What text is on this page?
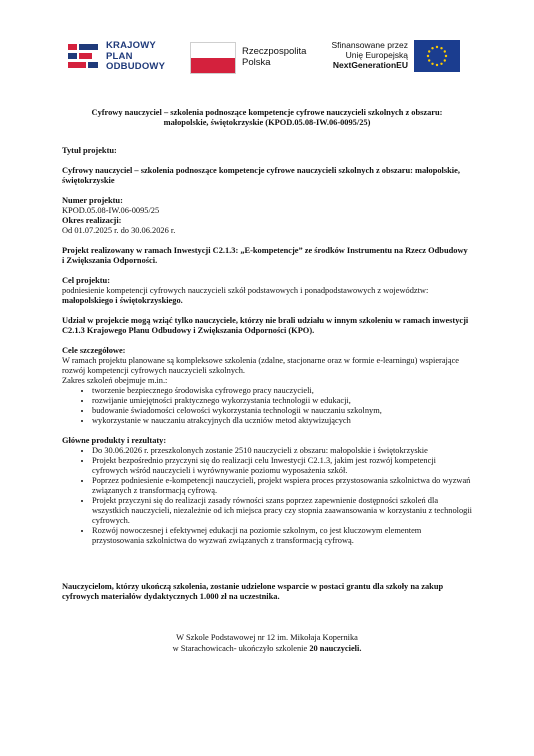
KRAJOWY
PLAN
ODBUDOWY
Rzeczpospolita
Polska
Sfinansowane przez
Unię Europejską
NextGenerationEU
Cyfrowy nauczyciel – szkolenia podnoszące kompetencje cyfrowe nauczycieli szkolnych z obszaru:
małopolskie, świętokrzyskie (KPOD.05.08-IW.06-0095/25)

Tytuł projektu:

Cyfrowy nauczyciel – szkolenia podnoszące kompetencje cyfrowe nauczycieli szkolnych z obszaru: małopolskie, świętokrzyskie

Numer projektu:

KPOD.05.08-IW.06-0095/25

Okres realizacji:

Od 01.07.2025 r. do 30.06.2026 r.

Projekt realizowany w ramach Inwestycji C2.1.3: „E-kompetencje” ze środków Instrumentu na Rzecz Odbudowy i Zwiększania Odporności.

Cel projektu:

podniesienie kompetencji cyfrowych nauczycieli szkół podstawowych i ponadpodstawowych z województw: małopolskiego i świętokrzyskiego.

Udział w projekcie mogą wziąć tylko nauczyciele, którzy nie brali udziału w innym szkoleniu w ramach inwestycji C2.1.3 Krajowego Planu Odbudowy i Zwiększania Odporności (KPO).

Cele szczegółowe:

W ramach projektu planowane są kompleksowe szkolenia (zdalne, stacjonarne oraz w formie e-learningu) wspierające rozwój kompetencji cyfrowych nauczycieli szkolnych.

Zakres szkoleń obejmuje m.in.:

• tworzenie bezpiecznego środowiska cyfrowego pracy nauczycieli,
• rozwijanie umiejętności praktycznego wykorzystania technologii w edukacji,
• budowanie świadomości celowości wykorzystania technologii w nauczaniu szkolnym,
• wykorzystanie w nauczaniu atrakcyjnych dla uczniów metod aktywizujących

Główne produkty i rezultaty:

• Do 30.06.2026 r. przeszkolonych zostanie 2510 nauczycieli z obszaru: małopolskie i świętokrzyskie
• Projekt bezpośrednio przyczyni się do realizacji celu Inwestycji C2.1.3, jakim jest rozwój kompetencji cyfrowych wśród nauczycieli i wyrównywanie poziomu wyposażenia szkół.
• Poprzez podniesienie e-kompetencji nauczycieli, projekt wspiera proces przystosowania szkolnictwa do wyzwań związanych z transformacją cyfrową.
• Projekt przyczyni się do realizacji zasady równości szans poprzez zapewnienie dostępności szkoleń dla wszystkich nauczycieli, niezależnie od ich miejsca pracy czy stopnia zaawansowania w korzystaniu z technologii cyfrowych.
• Rozwój nowoczesnej i efektywnej edukacji na poziomie szkolnym, co jest kluczowym elementem przystosowania szkolnictwa do wyzwań związanych z transformacją cyfrową.

Nauczycielom, którzy ukończą szkolenia, zostanie udzielone wsparcie w postaci grantu dla szkoły na zakup cyfrowych materiałów dydaktycznych 1.000 zł na uczestnika.

W Szkole Podstawowej nr 12 im. Mikołaja Kopernika
w Starachowicach- ukończyło szkolenie 20 nauczycieli.
